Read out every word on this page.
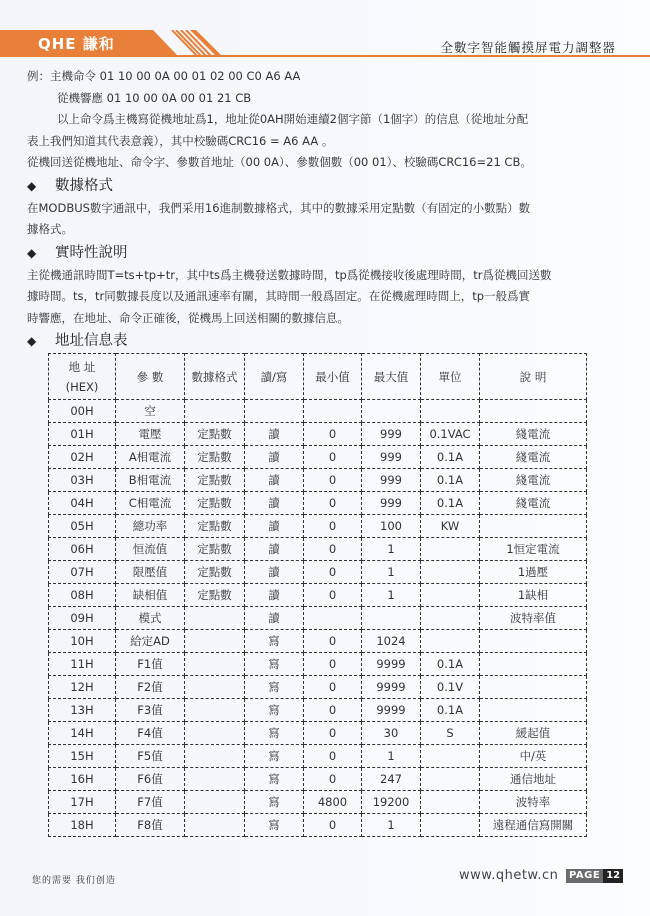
QHE 謙和	全數字智能觸摸屏電力調整器

例：主機命令 01 10 00 0A 00 01 02 00 C0 A6 AA

從機響應 01 10 00 0A 00 01 21 CB

以上命令爲主機寫從機地址爲1，地址從0AH開始連續2個字節（1個字）的信息（從地址分配

表上我們知道其代表意義），其中校驗碼CRC16 = A6 AA 。

從機回送從機地址、命令字、參數首地址（00 0A）、參數個數（00 01）、校驗碼CRC16=21 CB。

◆ 數據格式

在MODBUS數字通訊中，我們采用16進制數據格式，其中的數據采用定點數（有固定的小數點）數

據格式。

◆ 實時性說明

主從機通訊時間T=ts+tp+tr，其中ts爲主機發送數據時間，tp爲從機接收後處理時間，tr爲從機回送數

據時間。ts，tr同數據長度以及通訊速率有關，其時間一般爲固定。在從機處理時間上，tp一般爲實

時響應，在地址、命令正確後，從機馬上回送相關的數據信息。

◆ 地址信息表
地 址
(HEX)	參 數	數據格式	讀/寫	最小值	最大值	單位	說 明
00H	空						
01H	電壓	定點數	讀	0	999	0.1VAC	綫電流
02H	A相電流	定點數	讀	0	999	0.1A	綫電流
03H	B相電流	定點數	讀	0	999	0.1A	綫電流
04H	C相電流	定點數	讀	0	999	0.1A	綫電流
05H	總功率	定點數	讀	0	100	KW	
06H	恒流值	定點數	讀	0	1		1恒定電流
07H	限壓值	定點數	讀	0	1		1過壓
08H	缺相值	定點數	讀	0	1		1缺相
09H	模式		讀				波特率值
10H	給定AD		寫	0	1024		
11H	F1值		寫	0	9999	0.1A	
12H	F2值		寫	0	9999	0.1V	
13H	F3值		寫	0	9999	0.1A	
14H	F4值		寫	0	30	S	緩起值
15H	F5值		寫	0	1		中/英
16H	F6值		寫	0	247		通信地址
17H	F7值		寫	4800	19200		波特率
18H	F8值		寫	0	1		遠程通信寫開關
您的需要 我们创造	www.qhetw.cn	PAGE 12
